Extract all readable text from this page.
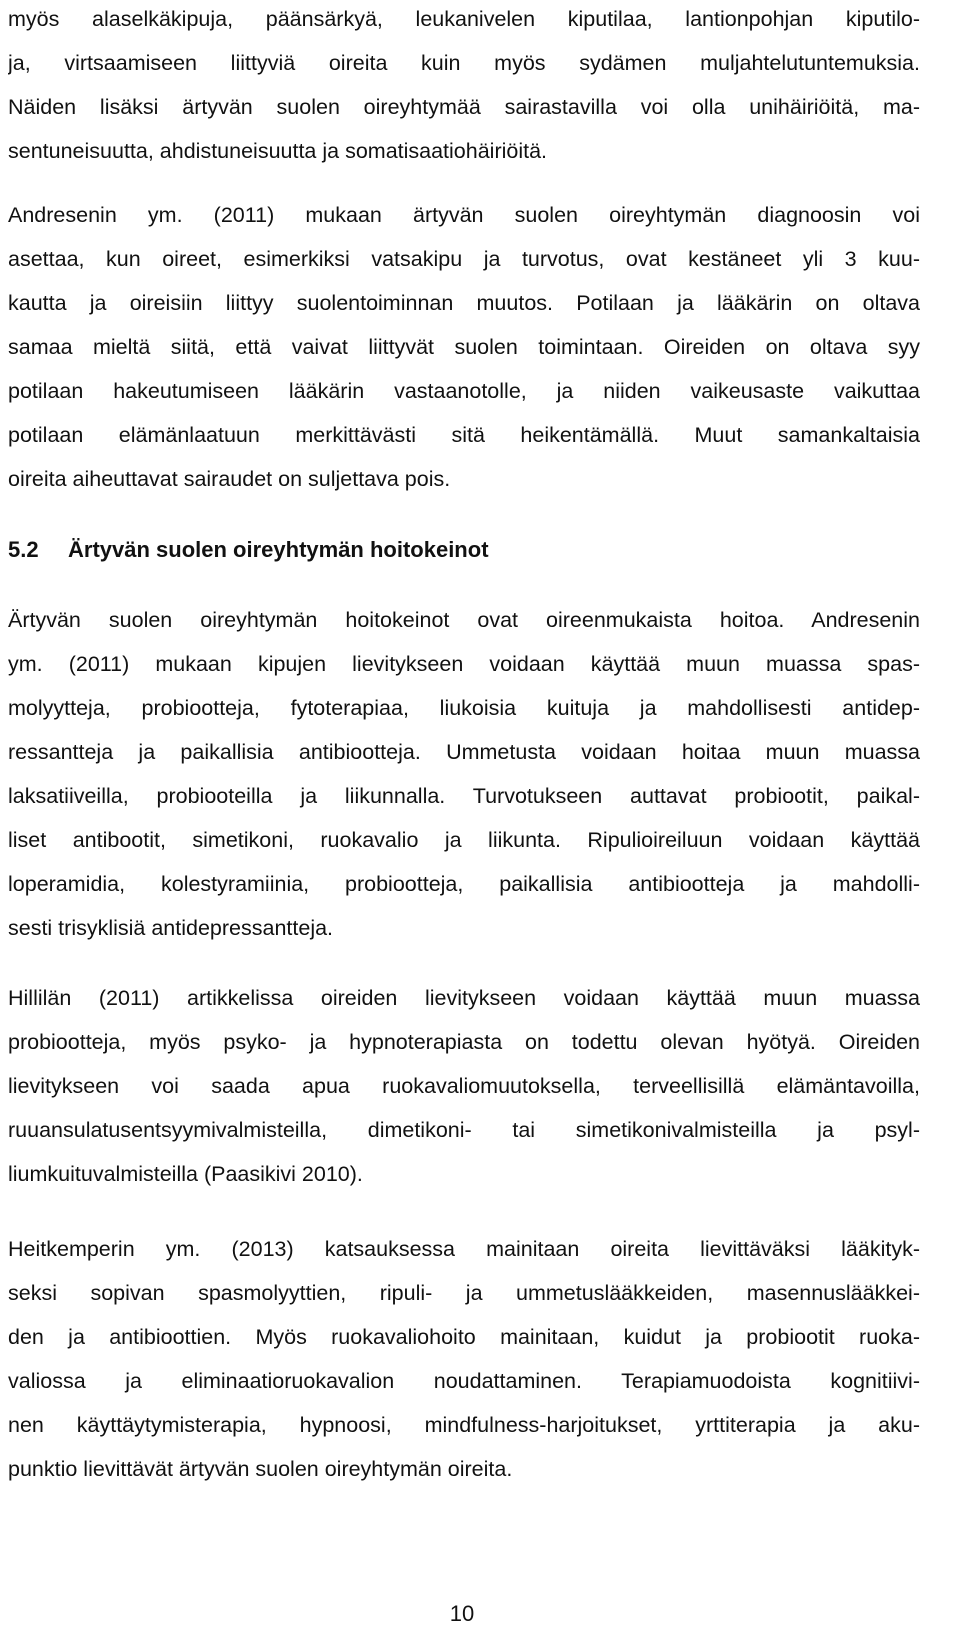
myös alaselkäkipuja, päänsärkyä, leukanivelen kiputilaa, lantionpohjan kiputilo-
ja, virtsaamiseen liittyviä oireita kuin myös sydämen muljahtelutuntemuksia.
Näiden lisäksi ärtyvän suolen oireyhtymää sairastavilla voi olla unihäiriöitä, ma-
sentuneisuutta, ahdistuneisuutta ja somatisaatiohäiriöitä.
Andresenin ym. (2011) mukaan ärtyvän suolen oireyhtymän diagnoosin voi
asettaa, kun oireet, esimerkiksi vatsakipu ja turvotus, ovat kestäneet yli 3 kuu-
kautta ja oireisiin liittyy suolentoiminnan muutos. Potilaan ja lääkärin on oltava
samaa mieltä siitä, että vaivat liittyvät suolen toimintaan. Oireiden on oltava syy
potilaan hakeutumiseen lääkärin vastaanotolle, ja niiden vaikeusaste vaikuttaa
potilaan elämänlaatuun merkittävästi sitä heikentämällä. Muut samankaltaisia
oireita aiheuttavat sairaudet on suljettava pois.
5.2 Ärtyvän suolen oireyhtymän hoitokeinot
Ärtyvän suolen oireyhtymän hoitokeinot ovat oireenmukaista hoitoa. Andresenin
ym. (2011) mukaan kipujen lievitykseen voidaan käyttää muun muassa spas-
molyytteja, probiootteja, fytoterapiaa, liukoisia kuituja ja mahdollisesti antidep-
ressantteja ja paikallisia antibiootteja. Ummetusta voidaan hoitaa muun muassa
laksatiiveilla, probiooteilla ja liikunnalla. Turvotukseen auttavat probiootit, paikal-
liset antibootit, simetikoni, ruokavalio ja liikunta. Ripulioireiluun voidaan käyttää
loperamidia, kolestyramiinia, probiootteja, paikallisia antibiootteja ja mahdolli-
sesti trisyklisiä antidepressantteja.
Hillilän (2011) artikkelissa oireiden lievitykseen voidaan käyttää muun muassa
probiootteja, myös psyko- ja hypnoterapiasta on todettu olevan hyötyä. Oireiden
lievitykseen voi saada apua ruokavaliomuutoksella, terveellisillä elämäntavoilla,
ruuansulatusentsyymivalmisteilla, dimetikoni- tai simetikonivalmisteilla ja psyl-
liumkuituvalmisteilla (Paasikivi 2010).
Heitkemperin ym. (2013) katsauksessa mainitaan oireita lievittäväksi lääkityk-
seksi sopivan spasmolyyttien, ripuli- ja ummetuslääkkeiden, masennuslääkkei-
den ja antibioottien. Myös ruokavaliohoito mainitaan, kuidut ja probiootit ruoka-
valiossa ja eliminaatioruokavalion noudattaminen. Terapiamuodoista kognitiivi-
nen käyttäytymisterapia, hypnoosi, mindfulness-harjoitukset, yrttiterapia ja aku-
punktio lievittävät ärtyvän suolen oireyhtymän oireita.
10
